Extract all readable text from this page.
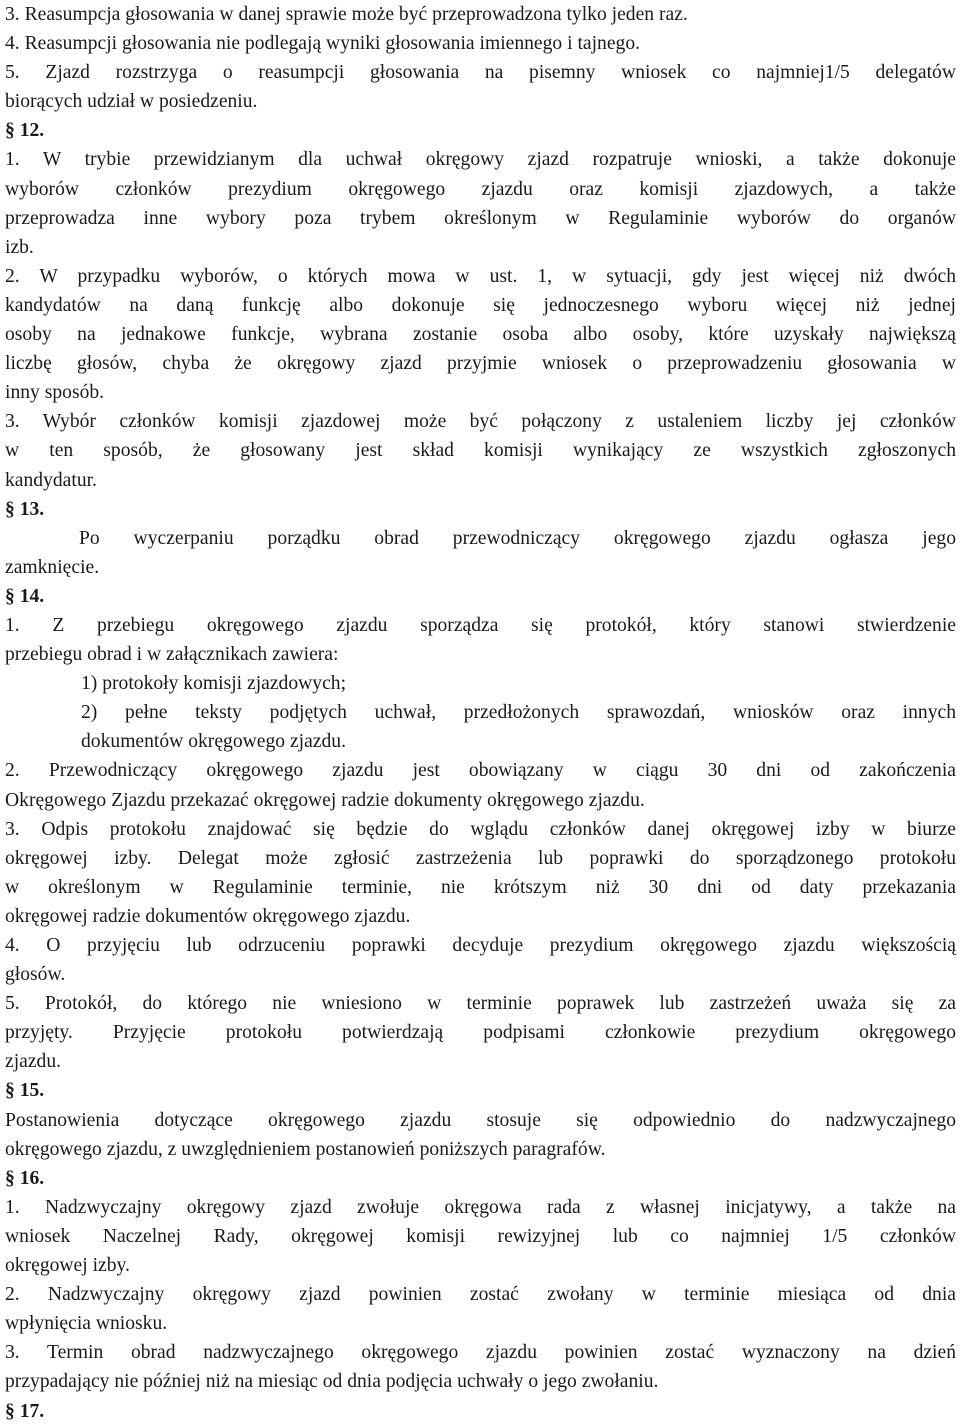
3. Reasumpcja głosowania w danej sprawie może być przeprowadzona tylko jeden raz.
4. Reasumpcji głosowania nie podlegają wyniki głosowania imiennego i tajnego.
5. Zjazd rozstrzyga o reasumpcji głosowania na pisemny wniosek co najmniej1/5 delegatów
biorących udział w posiedzeniu.
§ 12.
1. W trybie przewidzianym dla uchwał okręgowy zjazd rozpatruje wnioski, a także dokonuje
wyborów członków prezydium okręgowego zjazdu oraz komisji zjazdowych, a także
przeprowadza inne wybory poza trybem określonym w Regulaminie wyborów do organów
izb.
2. W przypadku wyborów, o których mowa w ust. 1, w sytuacji, gdy jest więcej niż dwóch
kandydatów na daną funkcję albo dokonuje się jednoczesnego wyboru więcej niż jednej
osoby na jednakowe funkcje, wybrana zostanie osoba albo osoby, które uzyskały największą
liczbę głosów, chyba że okręgowy zjazd przyjmie wniosek o przeprowadzeniu głosowania w
inny sposób.
3. Wybór członków komisji zjazdowej może być połączony z ustaleniem liczby jej członków
w ten sposób, że głosowany jest skład komisji wynikający ze wszystkich zgłoszonych
kandydatur.
§ 13.
Po wyczerpaniu porządku obrad przewodniczący okręgowego zjazdu ogłasza jego
zamknięcie.
§ 14.
1. Z przebiegu okręgowego zjazdu sporządza się protokół, który stanowi stwierdzenie
przebiegu obrad i w załącznikach zawiera:
1) protokoły komisji zjazdowych;
2) pełne teksty podjętych uchwał, przedłożonych sprawozdań, wniosków oraz innych
dokumentów okręgowego zjazdu.
2. Przewodniczący okręgowego zjazdu jest obowiązany w ciągu 30 dni od zakończenia
Okręgowego Zjazdu przekazać okręgowej radzie dokumenty okręgowego zjazdu.
3. Odpis protokołu znajdować się będzie do wglądu członków danej okręgowej izby w biurze
okręgowej izby. Delegat może zgłosić zastrzeżenia lub poprawki do sporządzonego protokołu
w określonym w Regulaminie terminie, nie krótszym niż 30 dni od daty przekazania
okręgowej radzie dokumentów okręgowego zjazdu.
4. O przyjęciu lub odrzuceniu poprawki decyduje prezydium okręgowego zjazdu większością
głosów.
5. Protokół, do którego nie wniesiono w terminie poprawek lub zastrzeżeń uważa się za
przyjęty. Przyjęcie protokołu potwierdzają podpisami członkowie prezydium okręgowego
zjazdu.
§ 15.
Postanowienia dotyczące okręgowego zjazdu stosuje się odpowiednio do nadzwyczajnego
okręgowego zjazdu, z uwzględnieniem postanowień poniższych paragrafów.
§ 16.
1. Nadzwyczajny okręgowy zjazd zwołuje okręgowa rada z własnej inicjatywy, a także na
wniosek Naczelnej Rady, okręgowej komisji rewizyjnej lub co najmniej 1/5 członków
okręgowej izby.
2. Nadzwyczajny okręgowy zjazd powinien zostać zwołany w terminie miesiąca od dnia
wpłynięcia wniosku.
3. Termin obrad nadzwyczajnego okręgowego zjazdu powinien zostać wyznaczony na dzień
przypadający nie później niż na miesiąc od dnia podjęcia uchwały o jego zwołaniu.
§ 17.
